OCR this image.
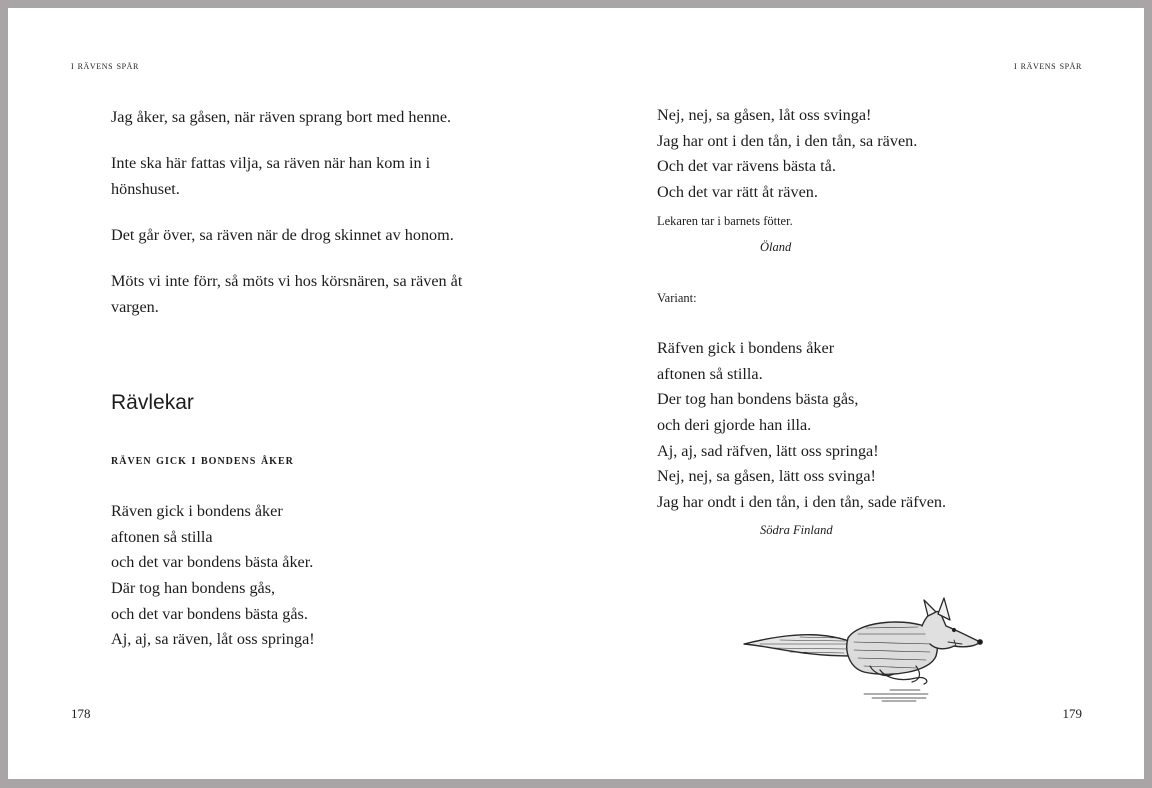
i rävens spår

Jag åker, sa gåsen, när räven sprang bort med henne.

Inte ska här fattas vilja, sa räven när han kom in i hönshuset.

Det går över, sa räven när de drog skinnet av honom.

Möts vi inte förr, så möts vi hos körsnären, sa räven åt vargen.

Rävlekar
räven gick i bondens åker
Räven gick i bondens åker
aftonen så stilla
och det var bondens bästa åker.
Där tog han bondens gås,
och det var bondens bästa gås.
Aj, aj, sa räven, låt oss springa!
178
i rävens spår
Nej, nej, sa gåsen, låt oss svinga!
Jag har ont i den tån, i den tån, sa räven.
Och det var rävens bästa tå.
Och det var rätt åt räven.

Lekaren tar i barnets fötter.

Öland

Variant:

Räfven gick i bondens åker
aftonen så stilla.
Der tog han bondens bästa gås,
och deri gjorde han illa.
Aj, aj, sad räfven, lätt oss springa!
Nej, nej, sa gåsen, lätt oss svinga!
Jag har ondt i den tån, i den tån, sade räfven.

Södra Finland

179
